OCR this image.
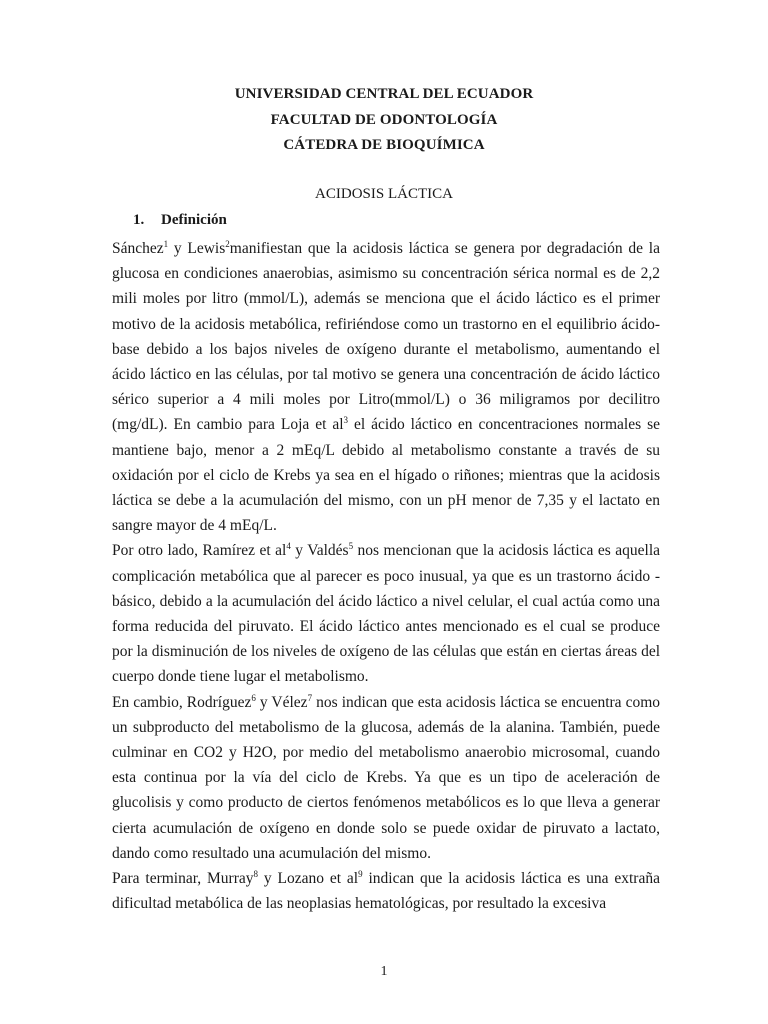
UNIVERSIDAD CENTRAL DEL ECUADOR
FACULTAD DE ODONTOLOGÍA
CÁTEDRA DE BIOQUÍMICA
ACIDOSIS LÁCTICA
1. Definición

Sánchez$^1$ y Lewis$^2$manifiestan que la acidosis láctica se genera por degradación de la glucosa en condiciones anaerobias, asimismo su concentración sérica normal es de 2,2 mili moles por litro (mmol/L), además se menciona que el ácido láctico es el primer motivo de la acidosis metabólica, refiriéndose como un trastorno en el equilibrio ácido-base debido a los bajos niveles de oxígeno durante el metabolismo, aumentando el ácido láctico en las células, por tal motivo se genera una concentración de ácido láctico sérico superior a 4 mili moles por Litro(mmol/L) o 36 miligramos por decilitro (mg/dL). En cambio para Loja et $al^3$ el ácido láctico en concentraciones normales se mantiene bajo, menor a 2 mEq/L debido al metabolismo constante a través de su oxidación por el ciclo de Krebs ya sea en el hígado o riñones; mientras que la acidosis láctica se debe a la acumulación del mismo, con un pH menor de 7,35 y el lactato en sangre mayor de 4 mEq/L.

Por otro lado, Ramírez et $al^4$ y Valdés$^5$ nos mencionan que la acidosis láctica es aquella complicación metabólica que al parecer es poco inusual, ya que es un trastorno ácido - básico, debido a la acumulación del ácido láctico a nivel celular, el cual actúa como una forma reducida del piruvato. El ácido láctico antes mencionado es el cual se produce por la disminución de los niveles de oxígeno de las células que están en ciertas áreas del cuerpo donde tiene lugar el metabolismo.

En cambio, Rodríguez$^6$ y Vélez$^7$ nos indican que esta acidosis láctica se encuentra como un subproducto del metabolismo de la glucosa, además de la alanina. También, puede culminar en CO2 y H2O, por medio del metabolismo anaerobio microsomal, cuando esta continua por la vía del ciclo de Krebs. Ya que es un tipo de aceleración de glucolisis y como producto de ciertos fenómenos metabólicos es lo que lleva a generar cierta acumulación de oxígeno en donde solo se puede oxidar de piruvato a lactato, dando como resultado una acumulación del mismo.

Para terminar, Murray$^8$ y Lozano et $al^9$ indican que la acidosis láctica es una extraña dificultad metabólica de las neoplasias hematológicas, por resultado la excesiva

1
